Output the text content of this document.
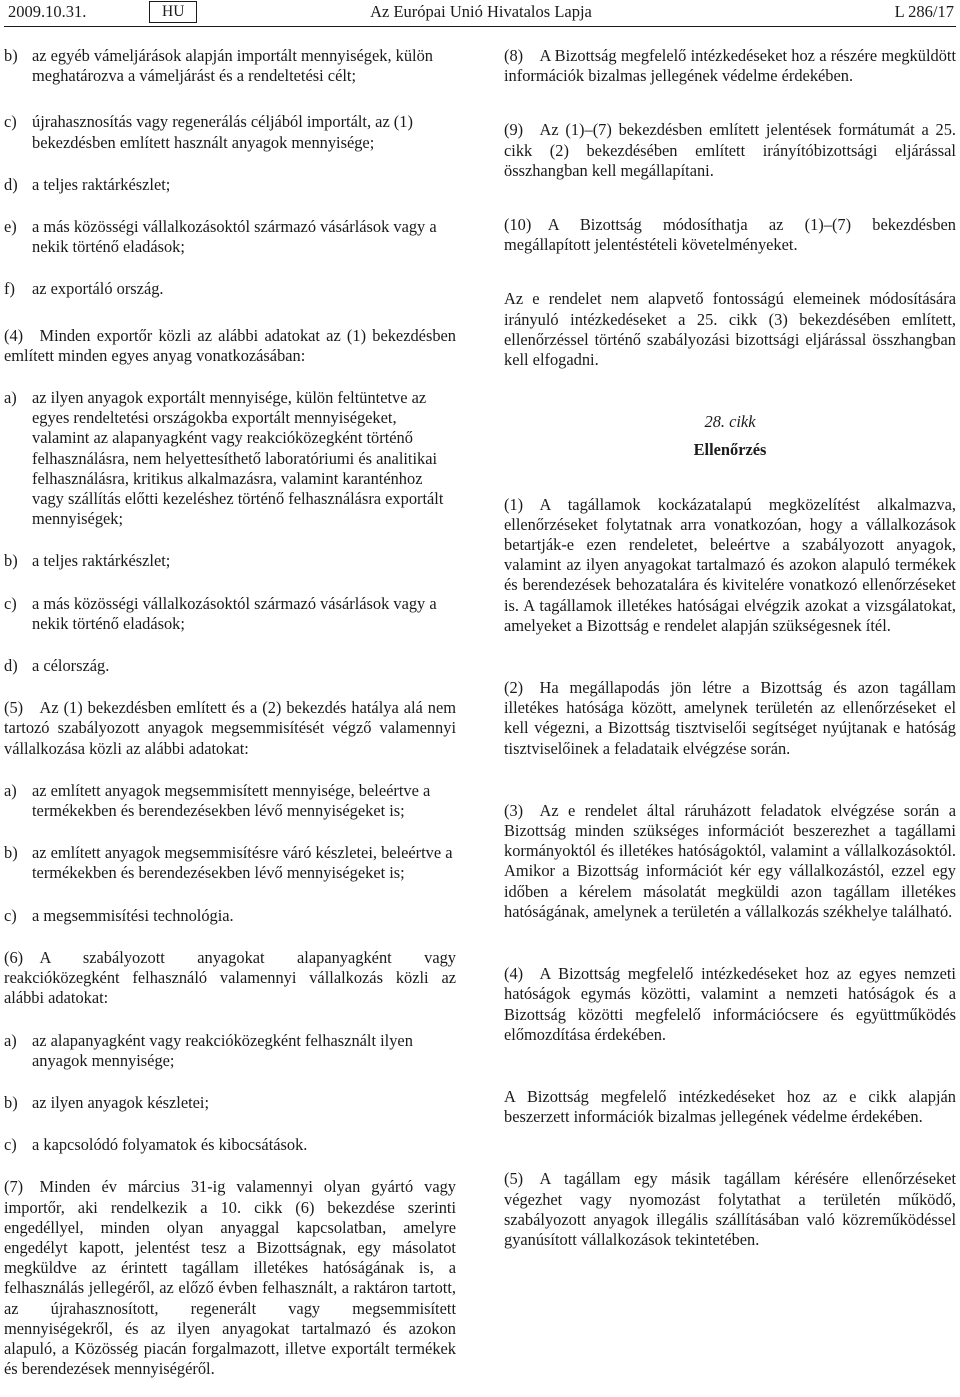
2009.10.31.	HU	Az Európai Unió Hivatalos Lapja	L 286/17
b) az egyéb vámeljárások alapján importált mennyiségek, külön meghatározva a vámeljárást és a rendeltetési célt;
c) újrahasznosítás vagy regenerálás céljából importált, az (1) bekezdésben említett használt anyagok mennyisége;
d) a teljes raktárkészlet;
e) a más közösségi vállalkozásoktól származó vásárlások vagy a nekik történő eladások;
f)	az exportáló ország.

(4) Minden exportőr közli az alábbi adatokat az (1) bekezdésben említett minden egyes anyag vonatkozásában:

a) az ilyen anyagok exportált mennyisége, külön feltüntetve az egyes rendeltetési országokba exportált mennyiségeket, valamint az alapanyagként vagy reakcióközegként történő felhasználásra, nem helyettesíthető laboratóriumi és analitikai felhasználásra, kritikus alkalmazásra, valamint karanténhoz vagy szállítás előtti kezeléshez történő felhasználásra exportált mennyiségek;
b) a teljes raktárkészlet;
c) a más közösségi vállalkozásoktól származó vásárlások vagy a nekik történő eladások;
d) a célország.

(5) Az (1) bekezdésben említett és a (2) bekezdés hatálya alá nem tartozó szabályozott anyagok megsemmisítését végző valamennyi vállalkozása közli az alábbi adatokat:

a) az említett anyagok megsemmisített mennyisége, beleértve a termékekben és berendezésekben lévő mennyiségeket is;
b) az említett anyagok megsemmisítésre váró készletei, beleértve a termékekben és berendezésekben lévő mennyiségeket is;
c) a megsemmisítési technológia.

(6) A szabályozott anyagokat alapanyagként vagy reakcióközegként felhasználó valamennyi vállalkozás közli az alábbi adatokat:

a) az alapanyagként vagy reakcióközegként felhasznált ilyen anyagok mennyisége;
b) az ilyen anyagok készletei;
c) a kapcsolódó folyamatok és kibocsátások.

(7) Minden év március 31-ig valamennyi olyan gyártó vagy importőr, aki rendelkezik a 10. cikk (6) bekezdése szerinti engedéllyel, minden olyan anyaggal kapcsolatban, amelyre engedélyt kapott, jelentést tesz a Bizottságnak, egy másolatot megküldve az érintett tagállam illetékes hatóságának is, a felhasználás jellegéről, az előző évben felhasznált, a raktáron tartott, az újrahasznosított, regenerált vagy megsemmisített mennyiségekről, és az ilyen anyagokat tartalmazó és azokon alapuló, a Közösség piacán forgalmazott, illetve exportált termékek és berendezések mennyiségéről.

(8) A Bizottság megfelelő intézkedéseket hoz a részére megküldött információk bizalmas jellegének védelme érdekében.

(9) Az (1)–(7) bekezdésben említett jelentések formátumát a 25. cikk (2) bekezdésében említett irányítóbizottsági eljárással összhangban kell megállapítani.

(10) A Bizottság módosíthatja az (1)–(7) bekezdésben megállapított jelentéstételi követelményeket.

Az e rendelet nem alapvető fontosságú elemeinek módosítására irányuló intézkedéseket a 25. cikk (3) bekezdésében említett, ellenőrzéssel történő szabályozási bizottsági eljárással összhangban kell elfogadni.

28. cikk
Ellenőrzés

(1) A tagállamok kockázatalapú megközelítést alkalmazva, ellenőrzéseket folytatnak arra vonatkozóan, hogy a vállalkozások betartják-e ezen rendeletet, beleértve a szabályozott anyagok, valamint az ilyen anyagokat tartalmazó és azokon alapuló termékek és berendezések behozatalára és kivitelére vonatkozó ellenőrzéseket is. A tagállamok illetékes hatóságai elvégzik azokat a vizsgálatokat, amelyeket a Bizottság e rendelet alapján szükségesnek ítél.

(2) Ha megállapodás jön létre a Bizottság és azon tagállam illetékes hatósága között, amelynek területén az ellenőrzéseket el kell végezni, a Bizottság tisztviselői segítséget nyújtanak e hatóság tisztviselőinek a feladataik elvégzése során.

(3) Az e rendelet által ráruházott feladatok elvégzése során a Bizottság minden szükséges információt beszerezhet a tagállami kormányoktól és illetékes hatóságoktól, valamint a vállalkozásoktól. Amikor a Bizottság információt kér egy vállalkozástól, ezzel egy időben a kérelem másolatát megküldi azon tagállam illetékes hatóságának, amelynek a területén a vállalkozás székhelye található.

(4) A Bizottság megfelelő intézkedéseket hoz az egyes nemzeti hatóságok egymás közötti, valamint a nemzeti hatóságok és a Bizottság közötti megfelelő információcsere és együttműködés előmozdítása érdekében.

A Bizottság megfelelő intézkedéseket hoz az e cikk alapján beszerzett információk bizalmas jellegének védelme érdekében.

(5) A tagállam egy másik tagállam kérésére ellenőrzéseket végezhet vagy nyomozást folytathat a területén működő, szabályozott anyagok illegális szállításában való közreműködéssel gyanúsított vállalkozások tekintetében.
